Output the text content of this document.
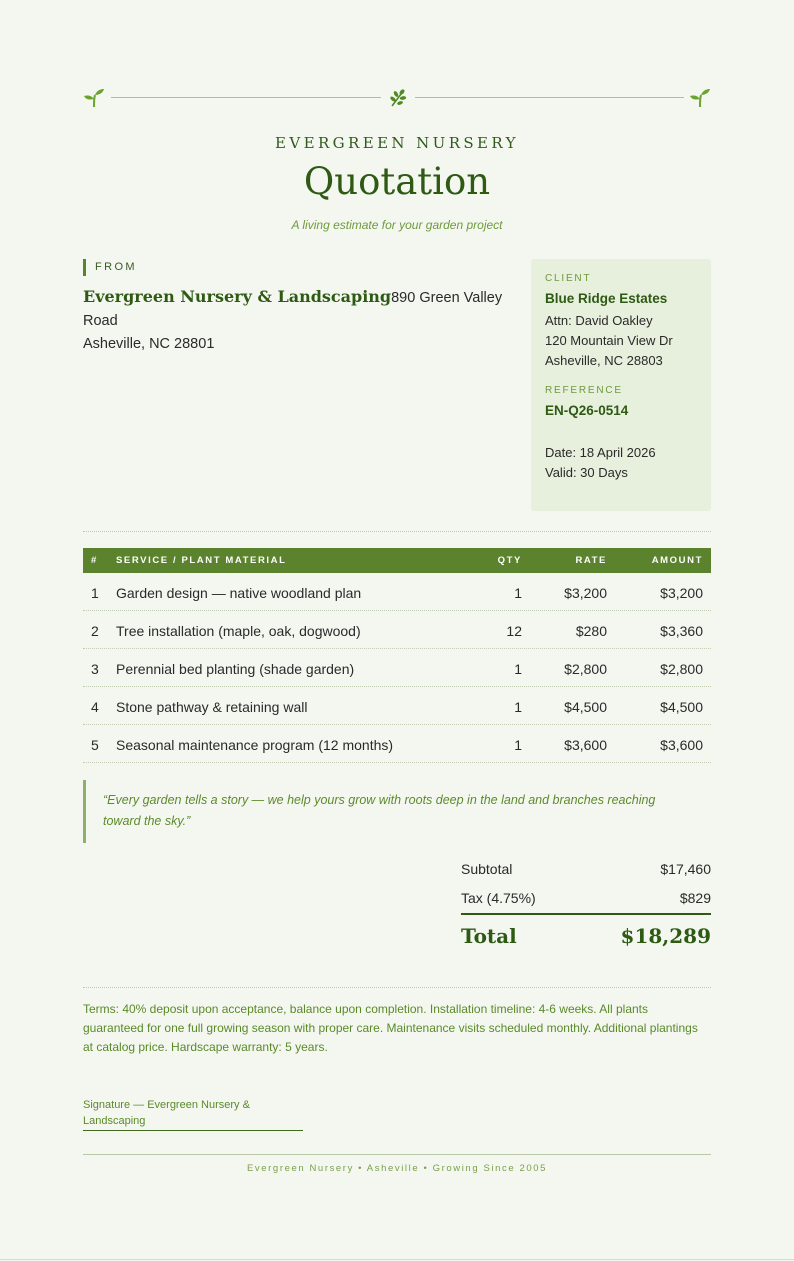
EVERGREEN NURSERY
Quotation
A living estimate for your garden project
FROM
Evergreen Nursery & Landscaping890 Green Valley Road
Asheville, NC 28801
CLIENT
Blue Ridge Estates
Attn: David Oakley
120 Mountain View Dr
Asheville, NC 28803
REFERENCE
EN-Q26-0514
Date: 18 April 2026
Valid: 30 Days
# SERVICE / PLANT MATERIAL	QTY	RATE	AMOUNT
1 Garden design — native woodland plan	1	$3,200	$3,200
2 Tree installation (maple, oak, dogwood)	12	$280	$3,360
3 Perennial bed planting (shade garden)	1	$2,800	$2,800
4 Stone pathway & retaining wall	1	$4,500	$4,500
5 Seasonal maintenance program (12 months)	1	$3,600	$3,600
“Every garden tells a story — we help yours grow with roots deep in the land and branches reaching toward the sky.”
Subtotal	$17,460
Tax (4.75%)	$829
Total	$18,289
Terms: 40% deposit upon acceptance, balance upon completion. Installation timeline: 4-6 weeks. All plants guaranteed for one full growing season with proper care. Maintenance visits scheduled monthly. Additional plantings at catalog price. Hardscape warranty: 5 years.
Signature — Evergreen Nursery & Landscaping
Evergreen Nursery • Asheville • Growing Since 2005
